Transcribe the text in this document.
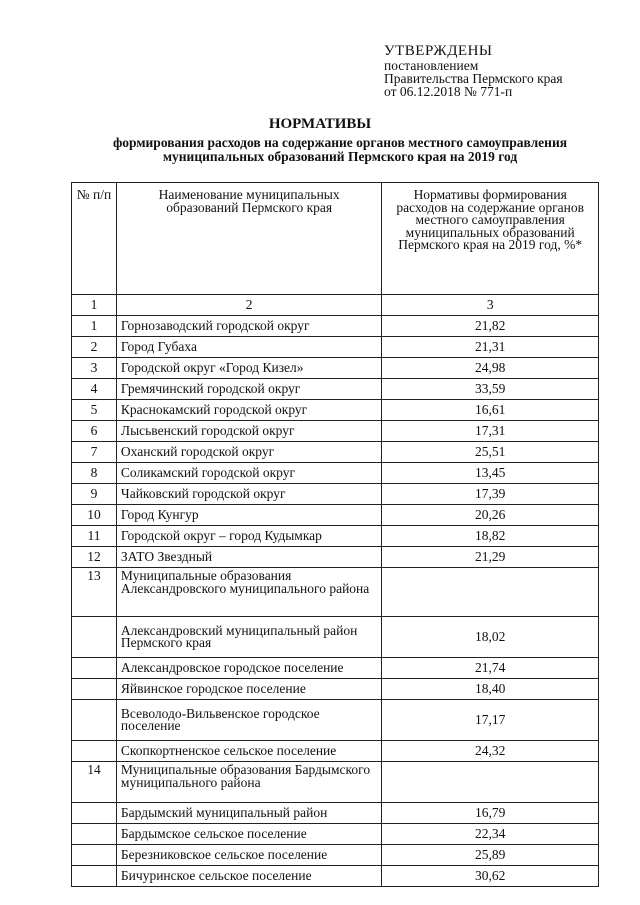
УТВЕРЖДЕНЫ
постановлением
Правительства Пермского края
от 06.12.2018 № 771-п
НОРМАТИВЫ
формирования расходов на содержание органов местного самоуправления
муниципальных образований Пермского края на 2019 год
№ п/п	Наименование муниципальных образований Пермского края	Нормативы формирования расходов на содержание органов местного самоуправления муниципальных образований Пермского края на 2019 год, %*
1	2	3
1	Горнозаводский городской округ	21,82
2	Город Губаха	21,31
3	Городской округ «Город Кизел»	24,98
4	Гремячинский городской округ	33,59
5	Краснокамский городской округ	16,61
6	Лысьвенский городской округ	17,31
7	Оханский городской округ	25,51
8	Соликамский городской округ	13,45
9	Чайковский городской округ	17,39
10	Город Кунгур	20,26
11	Городской округ – город Кудымкар	18,82
12	ЗАТО Звездный	21,29
13	Муниципальные образования Александровского муниципального района	
	Александровский муниципальный район Пермского края	18,02
	Александровское городское поселение	21,74
	Яйвинское городское поселение	18,40
	Всеволодо-Вильвенское городское поселение	17,17
	Скопкортненское сельское поселение	24,32
14	Муниципальные образования Бардымского муниципального района	
	Бардымский муниципальный район	16,79
	Бардымское сельское поселение	22,34
	Березниковское сельское поселение	25,89
	Бичуринское сельское поселение	30,62
